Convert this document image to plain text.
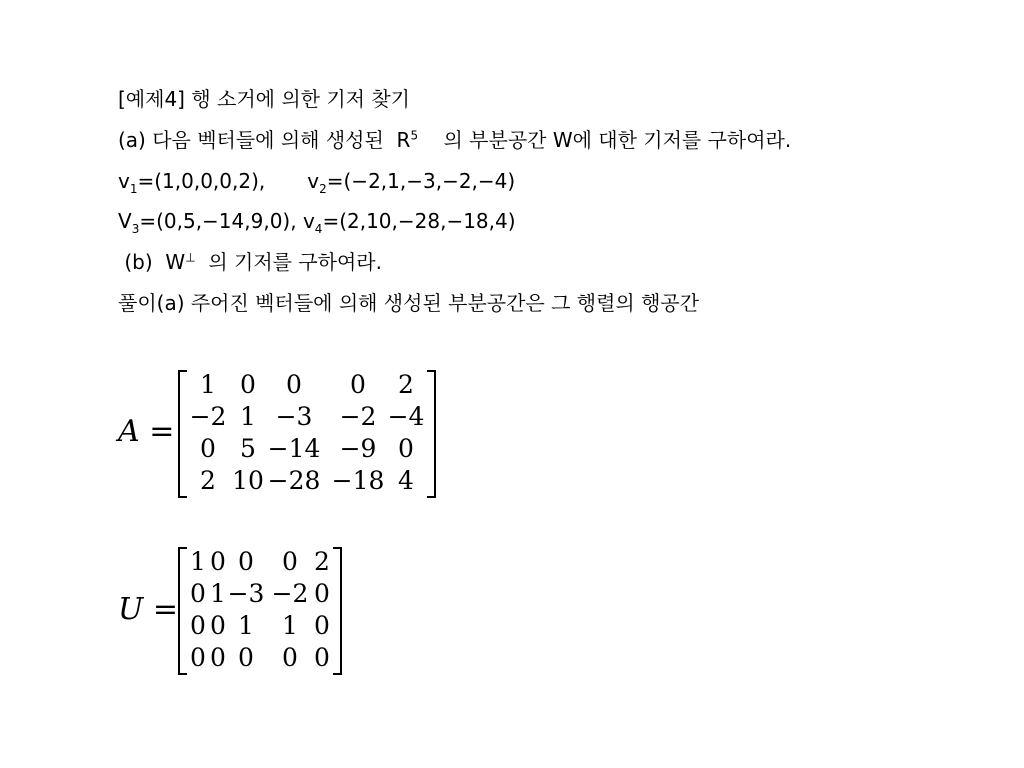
[예제4] 행 소거에 의한 기저 찾기
(a) 다음 벡터들에 의해 생성된  $R^5$    의 부분공간 W에 대한 기저를 구하여라.
$v_1=(1,0,0,0,2)$, $v_2=(-2,1,-3,-2,-4)$
$V_3=(0,5,-14,9,0)$, $v_4=(2,10,-28,-18,4)$
(b)  W⊥  의 기저를 구하여라.
풀이(a) 주어진 벡터들에 의해 생성된 부분공간은 그 행렬의 행공간
A =
1 0 0 0 2
−2 1 −3 −2 −4
0 5 −14 −9 0
2 10 −28 −18 4
U =
1 0 0 0 2
0 1 −3 −2 0
0 0 1 1 0
0 0 0 0 0
